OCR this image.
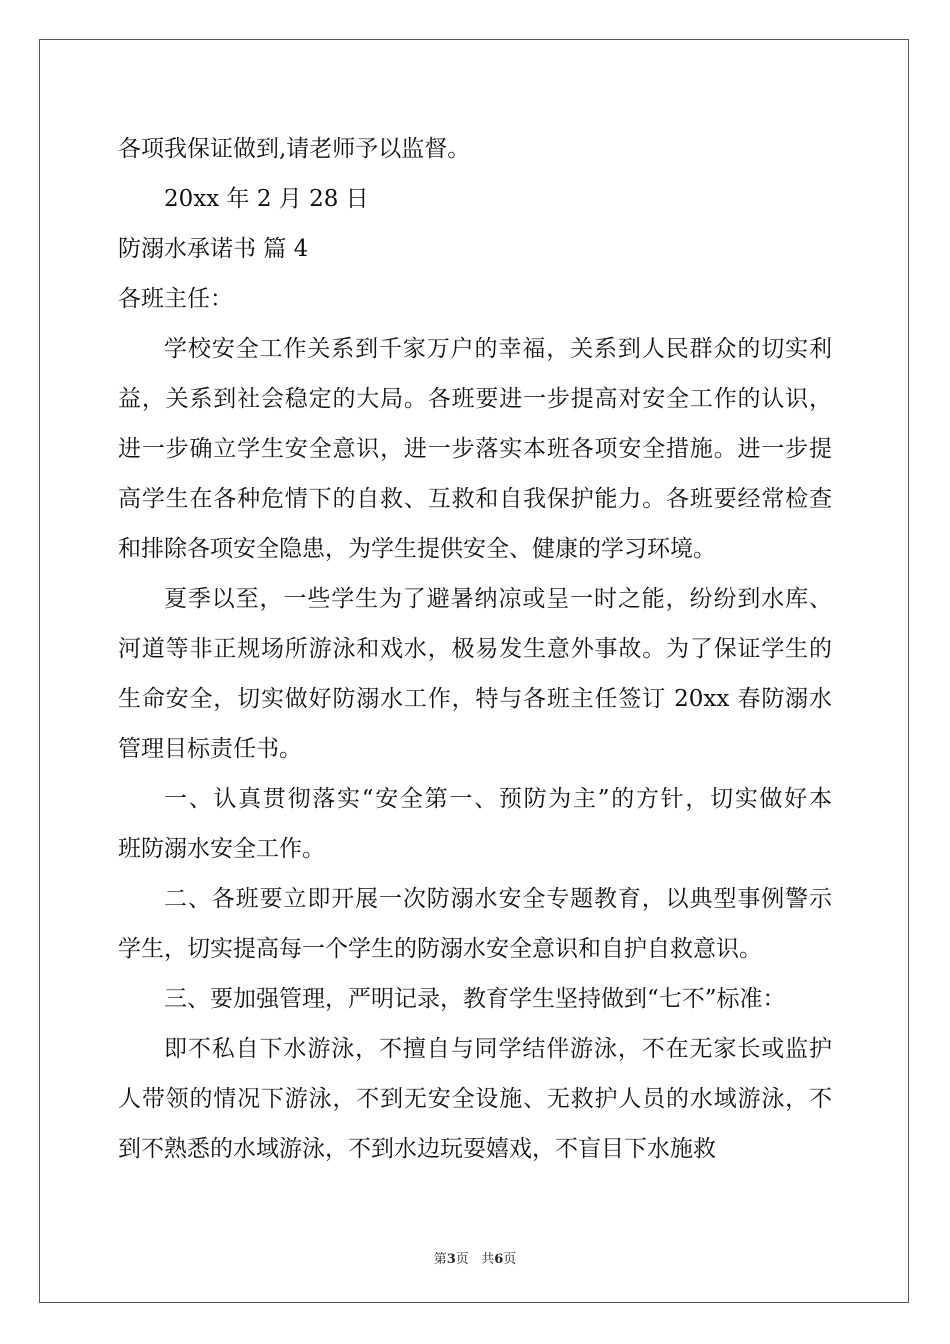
各项我保证做到,请老师予以监督。
20xx 年 2 月 28 日
防溺水承诺书 篇 4
各班主任：
学校安全工作关系到千家万户的幸福，关系到人民群众的切实利
益，关系到社会稳定的大局。各班要进一步提高对安全工作的认识，
进一步确立学生安全意识，进一步落实本班各项安全措施。进一步提
高学生在各种危情下的自救、互救和自我保护能力。各班要经常检查
和排除各项安全隐患，为学生提供安全、健康的学习环境。
夏季以至，一些学生为了避暑纳凉或呈一时之能，纷纷到水库、
河道等非正规场所游泳和戏水，极易发生意外事故。为了保证学生的
生命安全，切实做好防溺水工作，特与各班主任签订 20xx 春防溺水
管理目标责任书。
一、认真贯彻落实“安全第一、预防为主”的方针，切实做好本
班防溺水安全工作。
二、各班要立即开展一次防溺水安全专题教育，以典型事例警示
学生，切实提高每一个学生的防溺水安全意识和自护自救意识。
三、要加强管理，严明记录，教育学生坚持做到“七不”标准：
即不私自下水游泳，不擅自与同学结伴游泳，不在无家长或监护
人带领的情况下游泳，不到无安全设施、无救护人员的水域游泳，不
到不熟悉的水域游泳，不到水边玩耍嬉戏，不盲目下水施救
第3页 共6页
